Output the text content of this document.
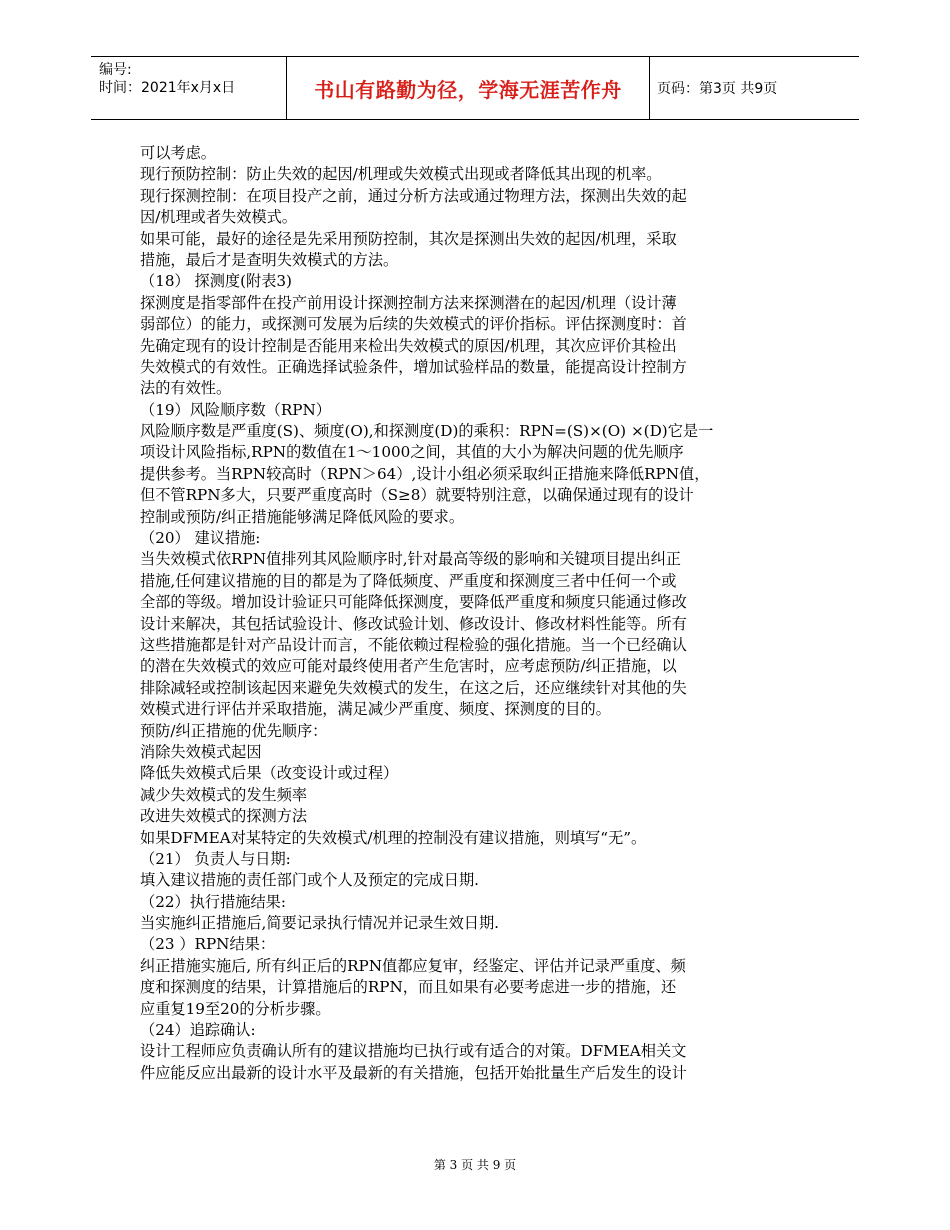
编号:
时间：2021年x月x日	书山有路勤为径，学海无涯苦作舟	页码：第3页 共9页
可以考虑。
现行预防控制：防止失效的起因/机理或失效模式出现或者降低其出现的机率。
现行探测控制：在项目投产之前，通过分析方法或通过物理方法，探测出失效的起
因/机理或者失效模式。
如果可能，最好的途径是先采用预防控制，其次是探测出失效的起因/机理，采取
措施，最后才是查明失效模式的方法。
（18） 探测度(附表3)
探测度是指零部件在投产前用设计探测控制方法来探测潜在的起因/机理（设计薄
弱部位）的能力，或探测可发展为后续的失效模式的评价指标。评估探测度时：首
先确定现有的设计控制是否能用来检出失效模式的原因/机理，其次应评价其检出
失效模式的有效性。正确选择试验条件，增加试验样品的数量，能提高设计控制方
法的有效性。
（19）风险顺序数（RPN）
风险顺序数是严重度(S)、频度(O),和探测度(D)的乘积：RPN=(S)×(O) ×(D)它是一
项设计风险指标,RPN的数值在1～1000之间，其值的大小为解决问题的优先顺序
提供参考。当RPN较高时（RPN＞64）,设计小组必须采取纠正措施来降低RPN值，
但不管RPN多大，只要严重度高时（S≥8）就要特别注意，以确保通过现有的设计
控制或预防/纠正措施能够满足降低风险的要求。
（20） 建议措施:
当失效模式依RPN值排列其风险顺序时,针对最高等级的影响和关键项目提出纠正
措施,任何建议措施的目的都是为了降低频度、严重度和探测度三者中任何一个或
全部的等级。增加设计验证只可能降低探测度，要降低严重度和频度只能通过修改
设计来解决，其包括试验设计、修改试验计划、修改设计、修改材料性能等。所有
这些措施都是针对产品设计而言，不能依赖过程检验的强化措施。当一个已经确认
的潜在失效模式的效应可能对最终使用者产生危害时，应考虑预防/纠正措施，以
排除减轻或控制该起因来避免失效模式的发生，在这之后，还应继续针对其他的失
效模式进行评估并采取措施，满足减少严重度、频度、探测度的目的。
预防/纠正措施的优先顺序：
消除失效模式起因
降低失效模式后果（改变设计或过程）
减少失效模式的发生频率
改进失效模式的探测方法
如果DFMEA对某特定的失效模式/机理的控制没有建议措施，则填写“无”。
（21） 负责人与日期:
填入建议措施的责任部门或个人及预定的完成日期.
（22）执行措施结果:
当实施纠正措施后,简要记录执行情况并记录生效日期.
（23 ）RPN结果：
纠正措施实施后, 所有纠正后的RPN值都应复审，经鉴定、评估并记录严重度、频
度和探测度的结果，计算措施后的RPN，而且如果有必要考虑进一步的措施，还
应重复19至20的分析步骤。
（24）追踪确认:
设计工程师应负责确认所有的建议措施均已执行或有适合的对策。DFMEA相关文
件应能反应出最新的设计水平及最新的有关措施，包括开始批量生产后发生的设计
第 3 页 共 9 页
